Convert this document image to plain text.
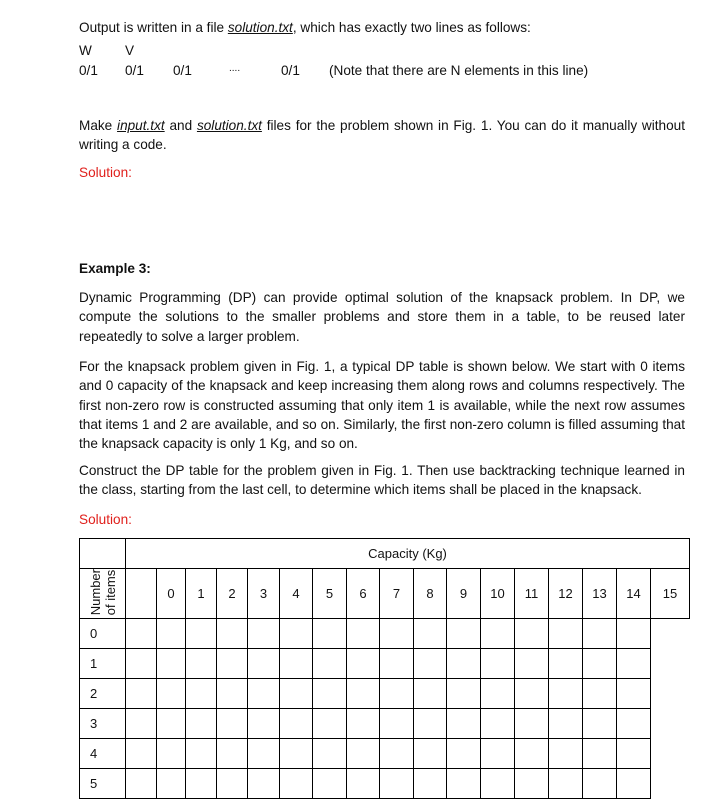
Output is written in a file solution.txt, which has exactly two lines as follows:
W	V
0/1	0/1	0/1	....	0/1	(Note that there are N elements in this line)
Make input.txt and solution.txt files for the problem shown in Fig. 1. You can do it manually without writing a code.
Solution:
Example 3:
Dynamic Programming (DP) can provide optimal solution of the knapsack problem. In DP, we compute the solutions to the smaller problems and store them in a table, to be reused later repeatedly to solve a larger problem.
For the knapsack problem given in Fig. 1, a typical DP table is shown below. We start with 0 items and 0 capacity of the knapsack and keep increasing them along rows and columns respectively. The first non-zero row is constructed assuming that only item 1 is available, while the next row assumes that items 1 and 2 are available, and so on. Similarly, the first non-zero column is filled assuming that the knapsack capacity is only 1 Kg, and so on.
Construct the DP table for the problem given in Fig. 1. Then use backtracking technique learned in the class, starting from the last cell, to determine which items shall be placed in the knapsack.
Solution:
	Capacity (Kg)																
Number of items		0	1	2	3	4	5	6	7	8	9	10	11	12	13	14	15
0																	
1																	
2																	
3																	
4																	
5																	
